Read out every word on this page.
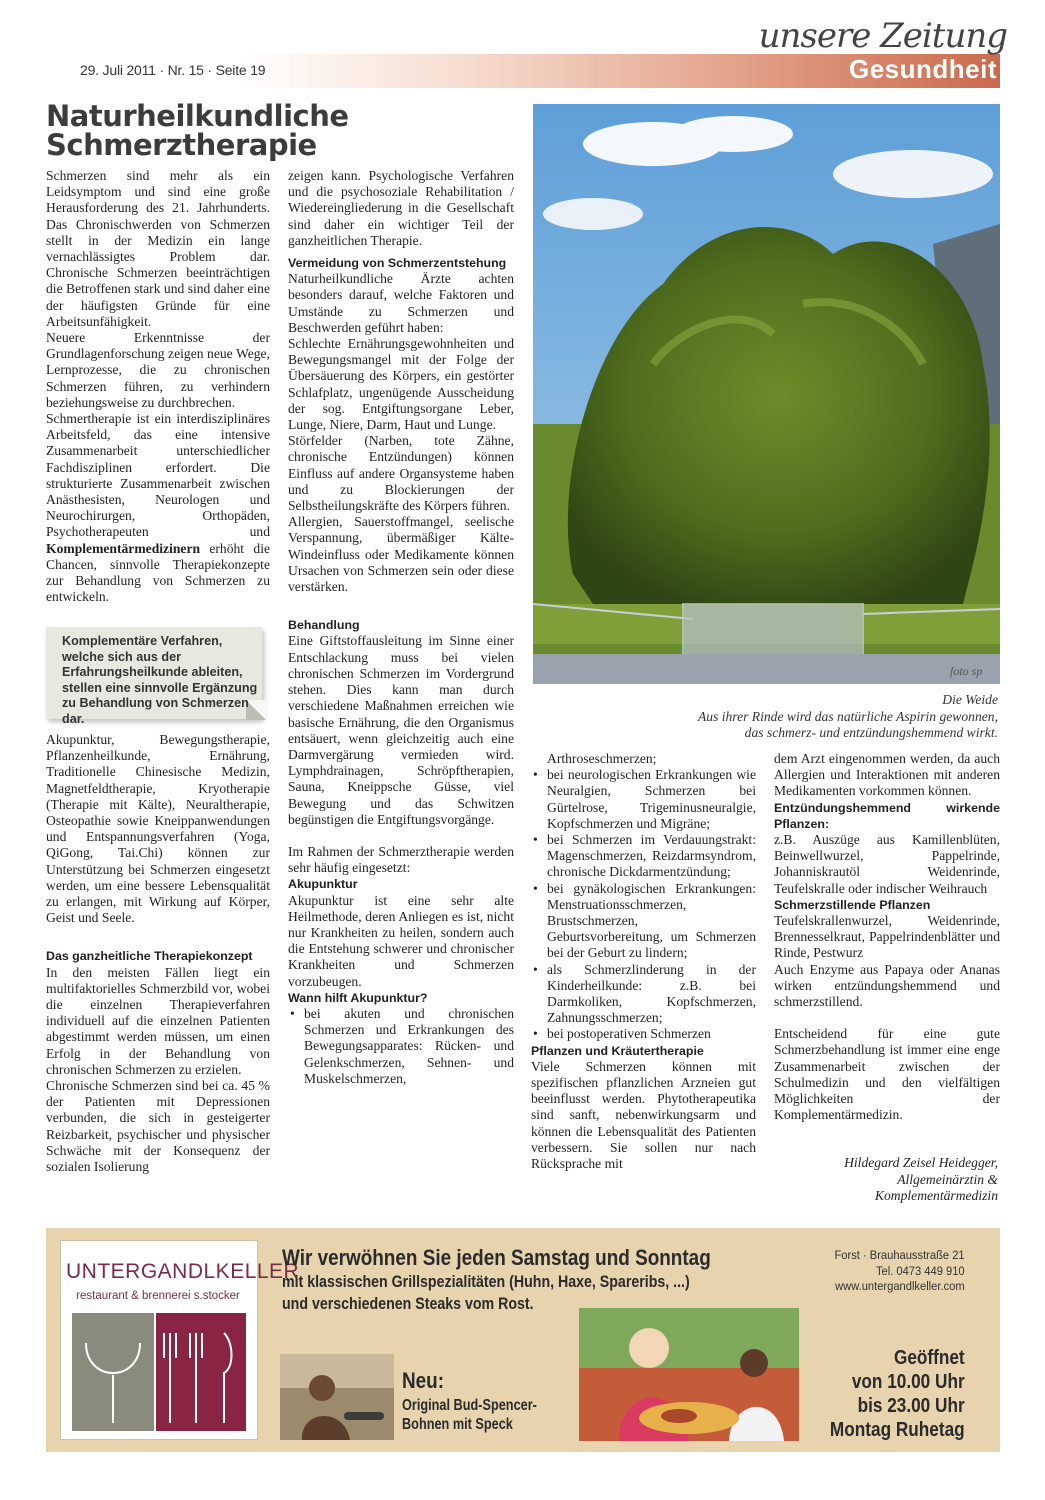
29. Juli 2011 · Nr. 15 · Seite 19
unsere Zeitung
Gesundheit
Naturheilkundliche
Schmerztherapie

Schmerzen sind mehr als ein Leidsymptom und sind eine große Herausforderung des 21. Jahrhunderts. Das Chronischwerden von Schmerzen stellt in der Medizin ein lange vernachlässigtes Problem dar. Chronische Schmerzen beeinträchtigen die Betroffenen stark und sind daher eine der häufigsten Gründe für eine Arbeitsunfähigkeit.

Neuere Erkenntnisse der Grundlagenforschung zeigen neue Wege, Lernprozesse, die zu chronischen Schmerzen führen, zu verhindern beziehungsweise zu durchbrechen.

Schmertherapie ist ein interdisziplinäres Arbeitsfeld, das eine intensive Zusammenarbeit unterschiedlicher Fachdisziplinen erfordert. Die strukturierte Zusammenarbeit zwischen Anästhesisten, Neurologen und Neurochirurgen, Orthopäden, Psychotherapeuten und Komplementärmedizinern erhöht die Chancen, sinnvolle Therapiekonzepte zur Behandlung von Schmerzen zu entwickeln.

Komplementäre Verfahren, welche sich aus der Erfahrungsheilkunde ableiten, stellen eine sinnvolle Ergänzung zu Behandlung von Schmerzen dar.

Akupunktur, Bewegungstherapie, Pflanzenheilkunde, Ernährung, Traditionelle Chinesische Medizin, Magnetfeldtherapie, Kryotherapie (Therapie mit Kälte), Neuraltherapie, Osteopathie sowie Kneippanwendungen und Entspannungsverfahren (Yoga, QiGong, Tai.Chi) können zur Unterstützung bei Schmerzen eingesetzt werden, um eine bessere Lebensqualität zu erlangen, mit Wirkung auf Körper, Geist und Seele.

Das ganzheitliche Therapiekonzept

In den meisten Fällen liegt ein multifaktorielles Schmerzbild vor, wobei die einzelnen Therapieverfahren individuell auf die einzelnen Patienten abgestimmt werden müssen, um einen Erfolg in der Behandlung von chronischen Schmerzen zu erzielen.

Chronische Schmerzen sind bei ca. 45 % der Patienten mit Depressionen verbunden, die sich in gesteigerter Reizbarkeit, psychischer und physischer Schwäche mit der Konsequenz der sozialen Isolierung

zeigen kann. Psychologische Verfahren und die psychosoziale Rehabilitation / Wiedereingliederung in die Gesellschaft sind daher ein wichtiger Teil der ganzheitlichen Therapie.

Vermeidung von Schmerzentstehung

Naturheilkundliche Ärzte achten besonders darauf, welche Faktoren und Umstände zu Schmerzen und Beschwerden geführt haben:

Schlechte Ernährungsgewohnheiten und Bewegungsmangel mit der Folge der Übersäuerung des Körpers, ein gestörter Schlafplatz, ungenügende Ausscheidung der sog. Entgiftungsorgane Leber, Lunge, Niere, Darm, Haut und Lunge.

Störfelder (Narben, tote Zähne, chronische Entzündungen) können Einfluss auf andere Organsysteme haben und zu Blockierungen der Selbstheilungskräfte des Körpers führen.

Allergien, Sauerstoffmangel, seelische Verspannung, übermäßiger Kälte-Windeinfluss oder Medikamente können Ursachen von Schmerzen sein oder diese verstärken.

Behandlung

Eine Giftstoffausleitung im Sinne einer Entschlackung muss bei vielen chronischen Schmerzen im Vordergrund stehen. Dies kann man durch verschiedene Maßnahmen erreichen wie basische Ernährung, die den Organismus entsäuert, wenn gleichzeitig auch eine Darmvergärung vermieden wird. Lymphdrainagen, Schröpftherapien, Sauna, Kneippsche Güsse, viel Bewegung und das Schwitzen begünstigen die Entgiftungsvorgänge.

Im Rahmen der Schmerztherapie werden sehr häufig eingesetzt:

Akupunktur

Akupunktur ist eine sehr alte Heilmethode, deren Anliegen es ist, nicht nur Krankheiten zu heilen, sondern auch die Entstehung schwerer und chronischer Krankheiten und Schmerzen vorzubeugen.

Wann hilft Akupunktur?

• bei akuten und chronischen Schmerzen und Erkrankungen des Bewegungsapparates: Rücken- und Gelenkschmerzen, Sehnen- und Muskelschmerzen,
foto sp
Die Weide
Aus ihrer Rinde wird das natürliche Aspirin gewonnen,
das schmerz- und entzündungshemmend wirkt.

Arthroseschmerzen;

• bei neurologischen Erkrankungen wie Neuralgien, Schmerzen bei Gürtelrose, Trigeminusneuralgie, Kopfschmerzen und Migräne;
• bei Schmerzen im Verdauungstrakt: Magenschmerzen, Reizdarmsyndrom, chronische Dickdarmentzündung;
• bei gynäkologischen Erkrankungen: Menstruationsschmerzen, Brustschmerzen, Geburtsvorbereitung, um Schmerzen bei der Geburt zu lindern;
• als Schmerzlinderung in der Kinderheilkunde: z.B. bei Darmkoliken, Kopfschmerzen, Zahnungsschmerzen;
• bei postoperativen Schmerzen

Pflanzen und Kräutertherapie

Viele Schmerzen können mit spezifischen pflanzlichen Arzneien gut beeinflusst werden. Phytotherapeutika sind sanft, nebenwirkungsarm und können die Lebensqualität des Patienten verbessern. Sie sollen nur nach Rücksprache mit

dem Arzt eingenommen werden, da auch Allergien und Interaktionen mit anderen Medikamenten vorkommen können.

Entzündungshemmend wirkende Pflanzen:

z.B. Auszüge aus Kamillenblüten, Beinwellwurzel, Pappelrinde, Johanniskrautöl Weidenrinde, Teufelskralle oder indischer Weihrauch

Schmerzstillende Pflanzen

Teufelskrallenwurzel, Weidenrinde, Brennesselkraut, Pappelrindenblätter und Rinde, Pestwurz

Auch Enzyme aus Papaya oder Ananas wirken entzündungshemmend und schmerzstillend.

Entscheidend für eine gute Schmerzbehandlung ist immer eine enge Zusammenarbeit zwischen der Schulmedizin und den vielfältigen Möglichkeiten der Komplementärmedizin.

Hildegard Zeisel Heidegger,
Allgemeinärztin &
Komplementärmedizin
UNTERGANDLKELLER
restaurant & brennerei s.stocker
Wir verwöhnen Sie jeden Samstag und Sonntag
mit klassischen Grillspezialitäten (Huhn, Haxe, Spareribs, ...)
und verschiedenen Steaks vom Rost.
Forst · Brauhausstraße 21
Tel. 0473 449 910
www.untergandlkeller.com
Neu:
Original Bud-Spencer-
Bohnen mit Speck
Geöffnet
von 10.00 Uhr
bis 23.00 Uhr
Montag Ruhetag
